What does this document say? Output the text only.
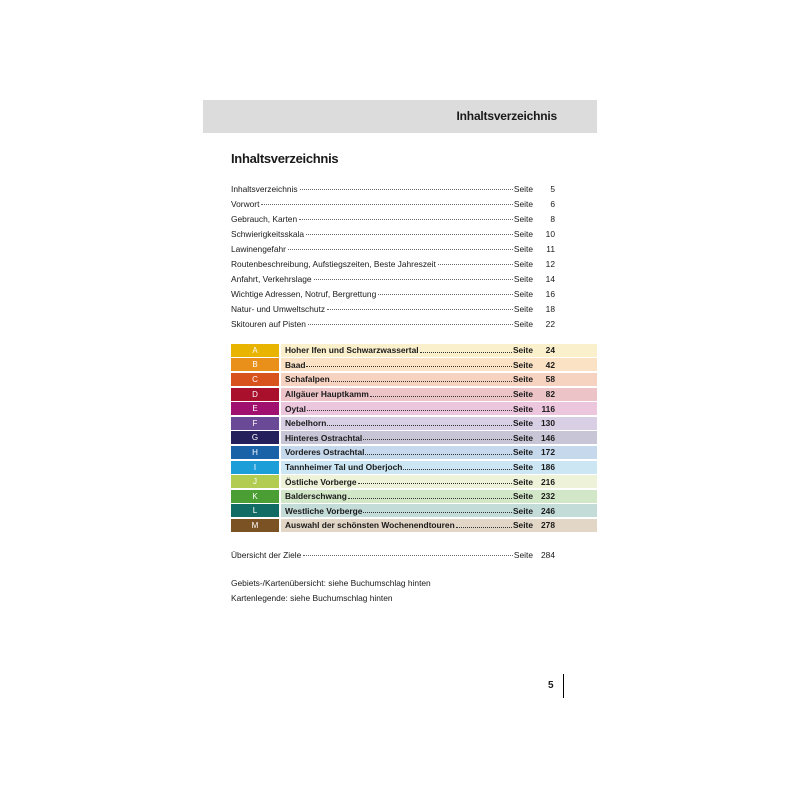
Inhaltsverzeichnis
Inhaltsverzeichnis
Inhaltsverzeichnis	Seite	5
Vorwort	Seite	6
Gebrauch, Karten	Seite	8
Schwierigkeitsskala	Seite	10
Lawinengefahr	Seite	11
Routenbeschreibung, Aufstiegszeiten, Beste Jahreszeit	Seite	12
Anfahrt, Verkehrslage	Seite	14
Wichtige Adressen, Notruf, Bergrettung	Seite	16
Natur- und Umweltschutz	Seite	18
Skitouren auf Pisten	Seite	22
A	Hoher Ifen und Schwarzwassertal	Seite	24
B	Baad	Seite	42
C	Schafalpen	Seite	58
D	Allgäuer Hauptkamm	Seite	82
E	Oytal	Seite	116
F	Nebelhorn	Seite 130
G	Hinteres Ostrachtal	Seite 146
H	Vorderes Ostrachtal	Seite 172
I	Tannheimer Tal und Oberjoch	Seite 186
J	Östliche Vorberge	Seite 216
K	Balderschwang	Seite 232
L	Westliche Vorberge	Seite 246
M	Auswahl der schönsten Wochenendtouren	Seite 278
Übersicht der Ziele	Seite 284
Gebiets-/Kartenübersicht: siehe Buchumschlag hinten
Kartenlegende: siehe Buchumschlag hinten
5
